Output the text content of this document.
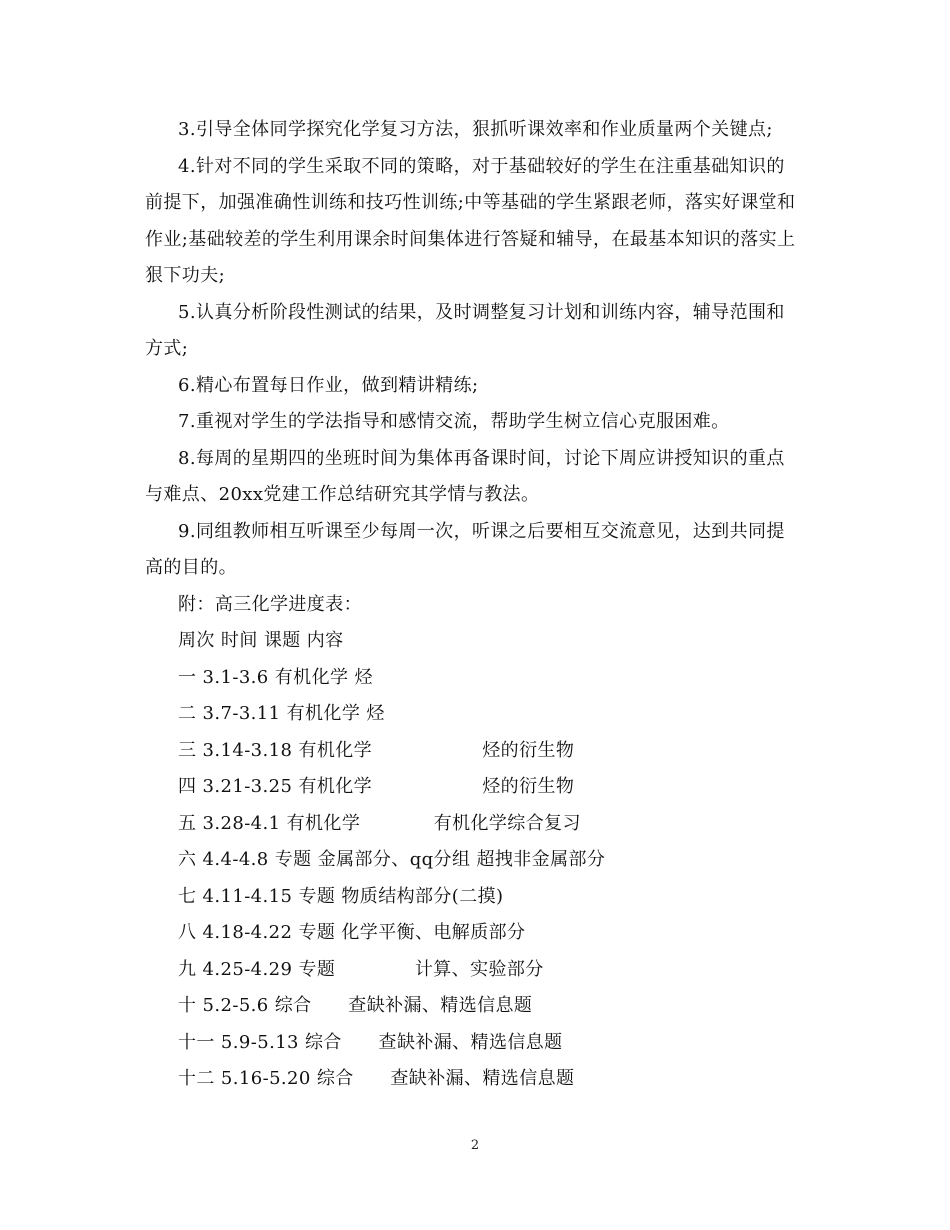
3.引导全体同学探究化学复习方法，狠抓听课效率和作业质量两个关键点;
4.针对不同的学生采取不同的策略，对于基础较好的学生在注重基础知识的
前提下，加强准确性训练和技巧性训练;中等基础的学生紧跟老师，落实好课堂和
作业;基础较差的学生利用课余时间集体进行答疑和辅导，在最基本知识的落实上
狠下功夫;
5.认真分析阶段性测试的结果，及时调整复习计划和训练内容，辅导范围和
方式;
6.精心布置每日作业，做到精讲精练;
7.重视对学生的学法指导和感情交流，帮助学生树立信心克服困难。
8.每周的星期四的坐班时间为集体再备课时间，讨论下周应讲授知识的重点
与难点、20xx党建工作总结研究其学情与教法。
9.同组教师相互听课至少每周一次，听课之后要相互交流意见，达到共同提
高的目的。
附：高三化学进度表：
周次 时间 课题 内容
一 3.1-3.6 有机化学 烃
二 3.7-3.11 有机化学 烃
三 3.14-3.18 有机化学                  烃的衍生物
四 3.21-3.25 有机化学                  烃的衍生物
五 3.28-4.1 有机化学            有机化学综合复习
六 4.4-4.8 专题 金属部分、qq分组 超拽非金属部分
七 4.11-4.15 专题 物质结构部分(二摸)
八 4.18-4.22 专题 化学平衡、电解质部分
九 4.25-4.29 专题             计算、实验部分
十 5.2-5.6 综合      查缺补漏、精选信息题
十一 5.9-5.13 综合      查缺补漏、精选信息题
十二 5.16-5.20 综合      查缺补漏、精选信息题
2
